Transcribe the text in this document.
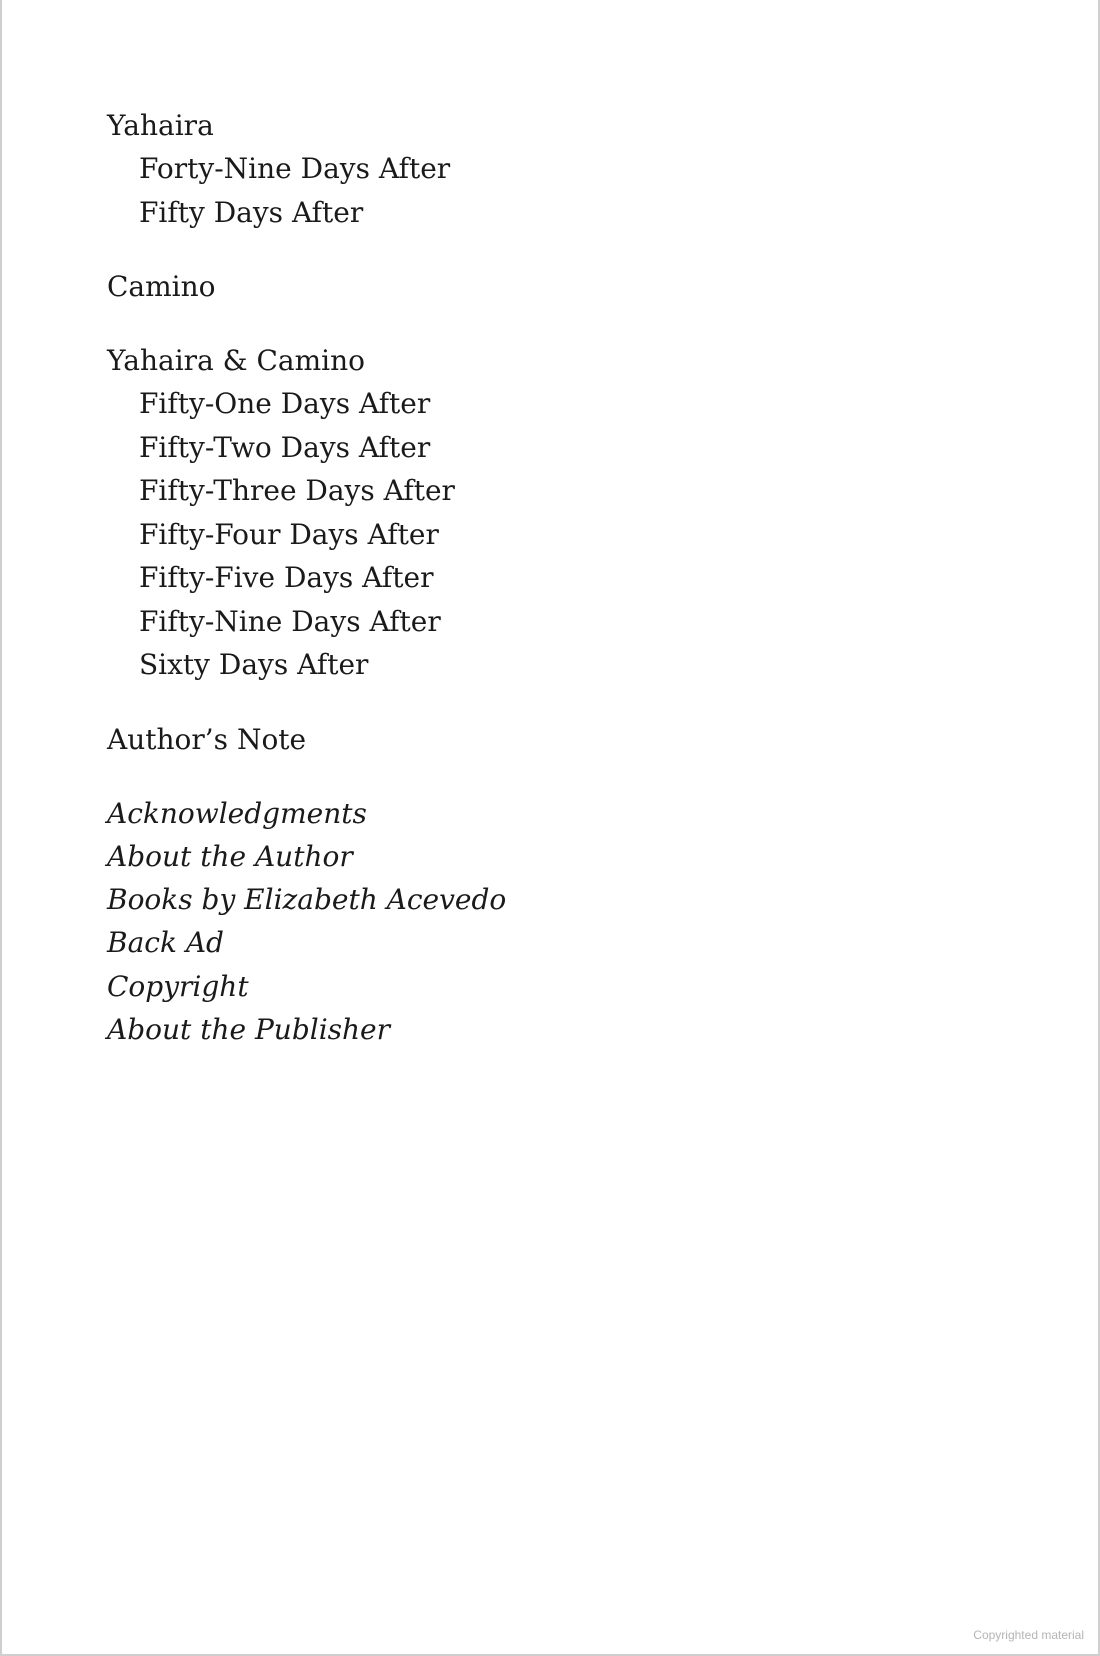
Yahaira
Forty-Nine Days After
Fifty Days After
Camino
Yahaira & Camino
Fifty-One Days After
Fifty-Two Days After
Fifty-Three Days After
Fifty-Four Days After
Fifty-Five Days After
Fifty-Nine Days After
Sixty Days After
Author’s Note
Acknowledgments
About the Author
Books by Elizabeth Acevedo
Back Ad
Copyright
About the Publisher
Copyrighted material
